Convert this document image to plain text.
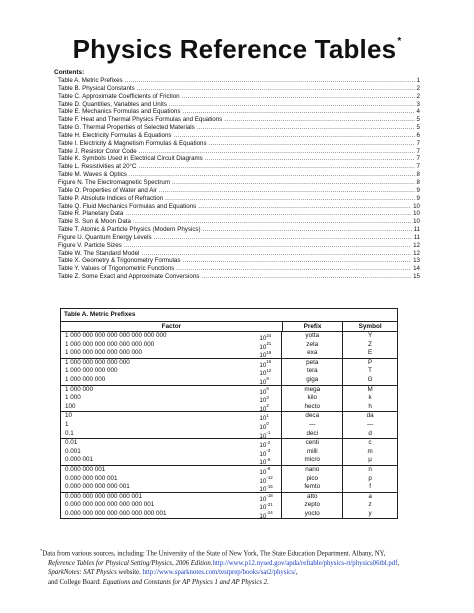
Physics Reference Tables*
Contents:
Table A. Metric Prefixes .....	1
Table B. Physical Constants .....	2
Table C. Approximate Coefficients of Friction .....	2
Table D. Quantities, Variables and Units .....	3
Table E. Mechanics Formulas and Equations .....	4
Table F. Heat and Thermal Physics Formulas and Equations .....	5
Table G. Thermal Properties of Selected Materials .....	5
Table H. Electricity Formulas & Equations .....	6
Table I. Electricity & Magnetism Formulas & Equations .....	7
Table J. Resistor Color Code .....	7
Table K. Symbols Used in Electrical Circuit Diagrams .....	7
Table L. Resistivities at 20°C .....	7
Table M. Waves & Optics .....	8
Figure N. The Electromagnetic Spectrum .....	8
Table O. Properties of Water and Air .....	9
Table P. Absolute Indices of Refraction .....	9
Table Q. Fluid Mechanics Formulas and Equations .....	10
Table R. Planetary Data .....	10
Table S. Sun & Moon Data .....	10
Table T. Atomic & Particle Physics (Modern Physics) .....	11
Figure U. Quantum Energy Levels .....	11
Figure V. Particle Sizes .....	12
Table W. The Standard Model .....	12
Table X. Geometry & Trigonometry Formulas .....	13
Table Y. Values of Trigonometric Functions .....	14
Table Z. Some Exact and Approximate Conversions .....	15
Table A. Metric Prefixes
Factor	Prefix	Symbol
1 000 000 000 000 000 000 000 000	$10^{24}$	yotta	Y
1 000 000 000 000 000 000 000	$10^{21}$	zeta	Z
1 000 000 000 000 000 000	$10^{18}$	exa	E
1 000 000 000 000 000	$10^{15}$	peta	P
1 000 000 000 000	$10^{12}$	tera	T
1 000 000 000	$10^9$	giga	G
1 000 000	$10^6$	mega	M
1 000	$10^3$	kilo	k
100	$10^2$	hecto	h
10	$10^1$	deca	da
1	$10^0$	—	—
0.1	$10^{-1}$	deci	d
0.01	$10^{-2}$	centi	c
0.001	$10^{-3}$	milli	m
0.000 001	$10^{-6}$	micro	μ
0.000 000 001	$10^{-9}$	nano	n
0.000 000 000 001	$10^{-12}$	pico	p
0.000 000 000 000 001	$10^{-15}$	femto	f
0.000 000 000 000 000 001	$10^{-18}$	atto	a
0.000 000 000 000 000 000 001	$10^{-21}$	zepto	z
0.000 000 000 000 000 000 000 001	$10^{-24}$	yocto	y
*Data from various sources, including: The University of the State of New York, The State Education Department. Albany, NY,
Reference Tables for Physical Setting/Physics, 2006 Edition.http://www.p12.nysed.gov/apda/reftable/physics-rt/physics06tbl.pdf,
SparkNotes: SAT Physics website. http://www.sparknotes.com/testprep/books/sat2/physics/,
and College Board: Equations and Constants for AP Physics 1 and AP Physics 2.
